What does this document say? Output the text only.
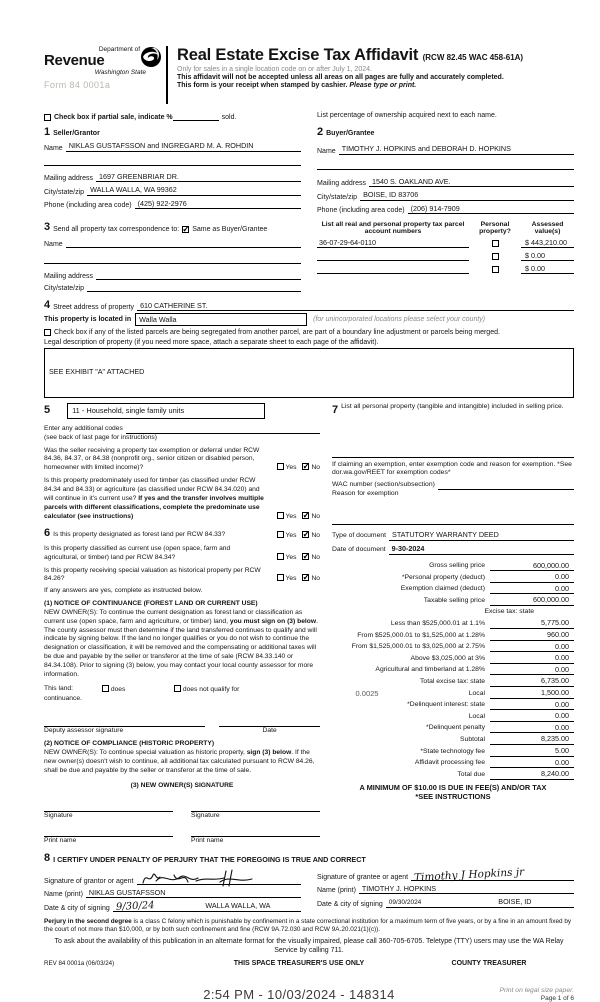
Department of
Revenue
Washington State
Form 84 0001a
Real Estate Excise Tax Affidavit (RCW 82.45 WAC 458-61A)
Only for sales in a single location code on or after July 1, 2024.
This affidavit will not be accepted unless all areas on all pages are fully and accurately completed.
This form is your receipt when stamped by cashier. Please type or print.
Check box if partial sale, indicate %	sold.	List percentage of ownership acquired next to each name.
1 Seller/Grantor
Name NIKLAS GUSTAFSSON and INGREGARD M. A. ROHDIN
Mailing address 1697 GREENBRIAR DR.
City/state/zip WALLA WALLA, WA 99362
Phone (including area code) (425) 922-2976
2 Buyer/Grantee
Name TIMOTHY J. HOPKINS and DEBORAH D. HOPKINS
Mailing address 1540 S. OAKLAND AVE.
City/state/zip BOISE, ID 83706
Phone (including area code) (206) 914-7909
3 Send all property tax correspondence to: ✓ Same as Buyer/Grantee
Name
Mailing address
City/state/zip
List all real and personal property tax parcel account numbers
Personal property?
Assessed value(s)
36-07-29-64-0110	$ 443,210.00
$ 0.00
$ 0.00
4 Street address of property 610 CATHERINE ST.
This property is located in	Walla Walla	(for unincorporated locations please select your county)
Check box if any of the listed parcels are being segregated from another parcel, are part of a boundary line adjustment or parcels being merged.
Legal description of property (if you need more space, attach a separate sheet to each page of the affidavit).
SEE EXHIBIT "A" ATTACHED
5	11 - Household, single family units
Enter any additional codes
(see back of last page for instructions)
Was the seller receiving a property tax exemption or deferral under RCW 84.36, 84.37, or 84.38 (nonprofit org., senior citizen or disabled person, homeowner with limited income)?	Yes ✓ No
Is this property predominately used for timber (as classified under RCW 84.34 and 84.33) or agriculture (as classified under RCW 84.34.020) and will continue in it's current use? If yes and the transfer involves multiple parcels with different classifications, complete the predominate use calculator (see instructions)	Yes ✓ No
6 Is this property designated as forest land per RCW 84.33?	Yes ✓ No
Is this property classified as current use (open space, farm and agricultural, or timber) land per RCW 84.34?	Yes ✓ No
Is this property receiving special valuation as historical property per RCW 84.26?	Yes ✓ No
If any answers are yes, complete as instructed below.
(1) NOTICE OF CONTINUANCE (FOREST LAND OR CURRENT USE)
NEW OWNER(S): To continue the current designation as forest land or classification as current use (open space, farm and agriculture, or timber) land, you must sign on (3) below. The county assessor must then determine if the land transferred continues to qualify and will indicate by signing below. If the land no longer qualifies or you do not wish to continue the designation or classification, it will be removed and the compensating or additional taxes will be due and payable by the seller or transferor at the time of sale (RCW 84.33.140 or 84.34.108). Prior to signing (3) below, you may contact your local county assessor for more information.
This land:	does	does not qualify for
continuance.
Deputy assessor signature	Date
(2) NOTICE OF COMPLIANCE (HISTORIC PROPERTY)
NEW OWNER(S): To continue special valuation as historic property, sign (3) below. If the new owner(s) doesn't wish to continue, all additional tax calculated pursuant to RCW 84.26, shall be due and payable by the seller or transferor at the time of sale.
(3) NEW OWNER(S) SIGNATURE
Signature	Signature
Print name	Print name
7 List all personal property (tangible and intangible) included in selling price.
If claiming an exemption, enter exemption code and reason for exemption. *See dor.wa.gov/REET for exemption codes*
WAC number (section/subsection)
Reason for exemption
Type of document STATUTORY WARRANTY DEED
Date of document 9-30-2024
Gross selling price	600,000.00
*Personal property (deduct)	0.00
Exemption claimed (deduct)	0.00
Taxable selling price	600,000.00
Excise tax: state
Less than $525,000.01 at 1.1%	5,775.00
From $525,000.01 to $1,525,000 at 1.28%	960.00
From $1,525,000.01 to $3,025,000 at 2.75%	0.00
Above $3,025,000 at 3%	0.00
Agricultural and timberland at 1.28%	0.00
Total excise tax: state	6,735.00
0.0025	Local	1,500.00
*Delinquent interest: state	0.00
Local	0.00
*Delinquent penalty	0.00
Subtotal	8,235.00
*State technology fee	5.00
Affidavit processing fee	0.00
Total due	8,240.00
A MINIMUM OF $10.00 IS DUE IN FEE(S) AND/OR TAX
*SEE INSTRUCTIONS
8 I CERTIFY UNDER PENALTY OF PERJURY THAT THE FOREGOING IS TRUE AND CORRECT
Signature of grantor or agent
Name (print) NIKLAS GUSTAFSSON
Date & city of signing 9/30/24	WALLA WALLA, WA
Signature of grantee or agent Timothy J Hopkins jr
Name (print) TIMOTHY J. HOPKINS
Date & city of signing 09/30/2024	BOISE, ID
Perjury in the second degree is a class C felony which is punishable by confinement in a state correctional institution for a maximum term of five years, or by a fine in an amount fixed by the court of not more than $10,000, or by both such confinement and fine (RCW 9A.72.030 and RCW 9A.20.021(1)(c)).
To ask about the availability of this publication in an alternate format for the visually impaired, please call 360-705-6705. Teletype (TTY) users may use the WA Relay Service by calling 711.
REV 84 0001a (06/03/24)	THIS SPACE TREASURER'S USE ONLY	COUNTY TREASURER
2:54 PM - 10/03/2024 - 148314	Print on legal size paper.
Page 1 of 6
